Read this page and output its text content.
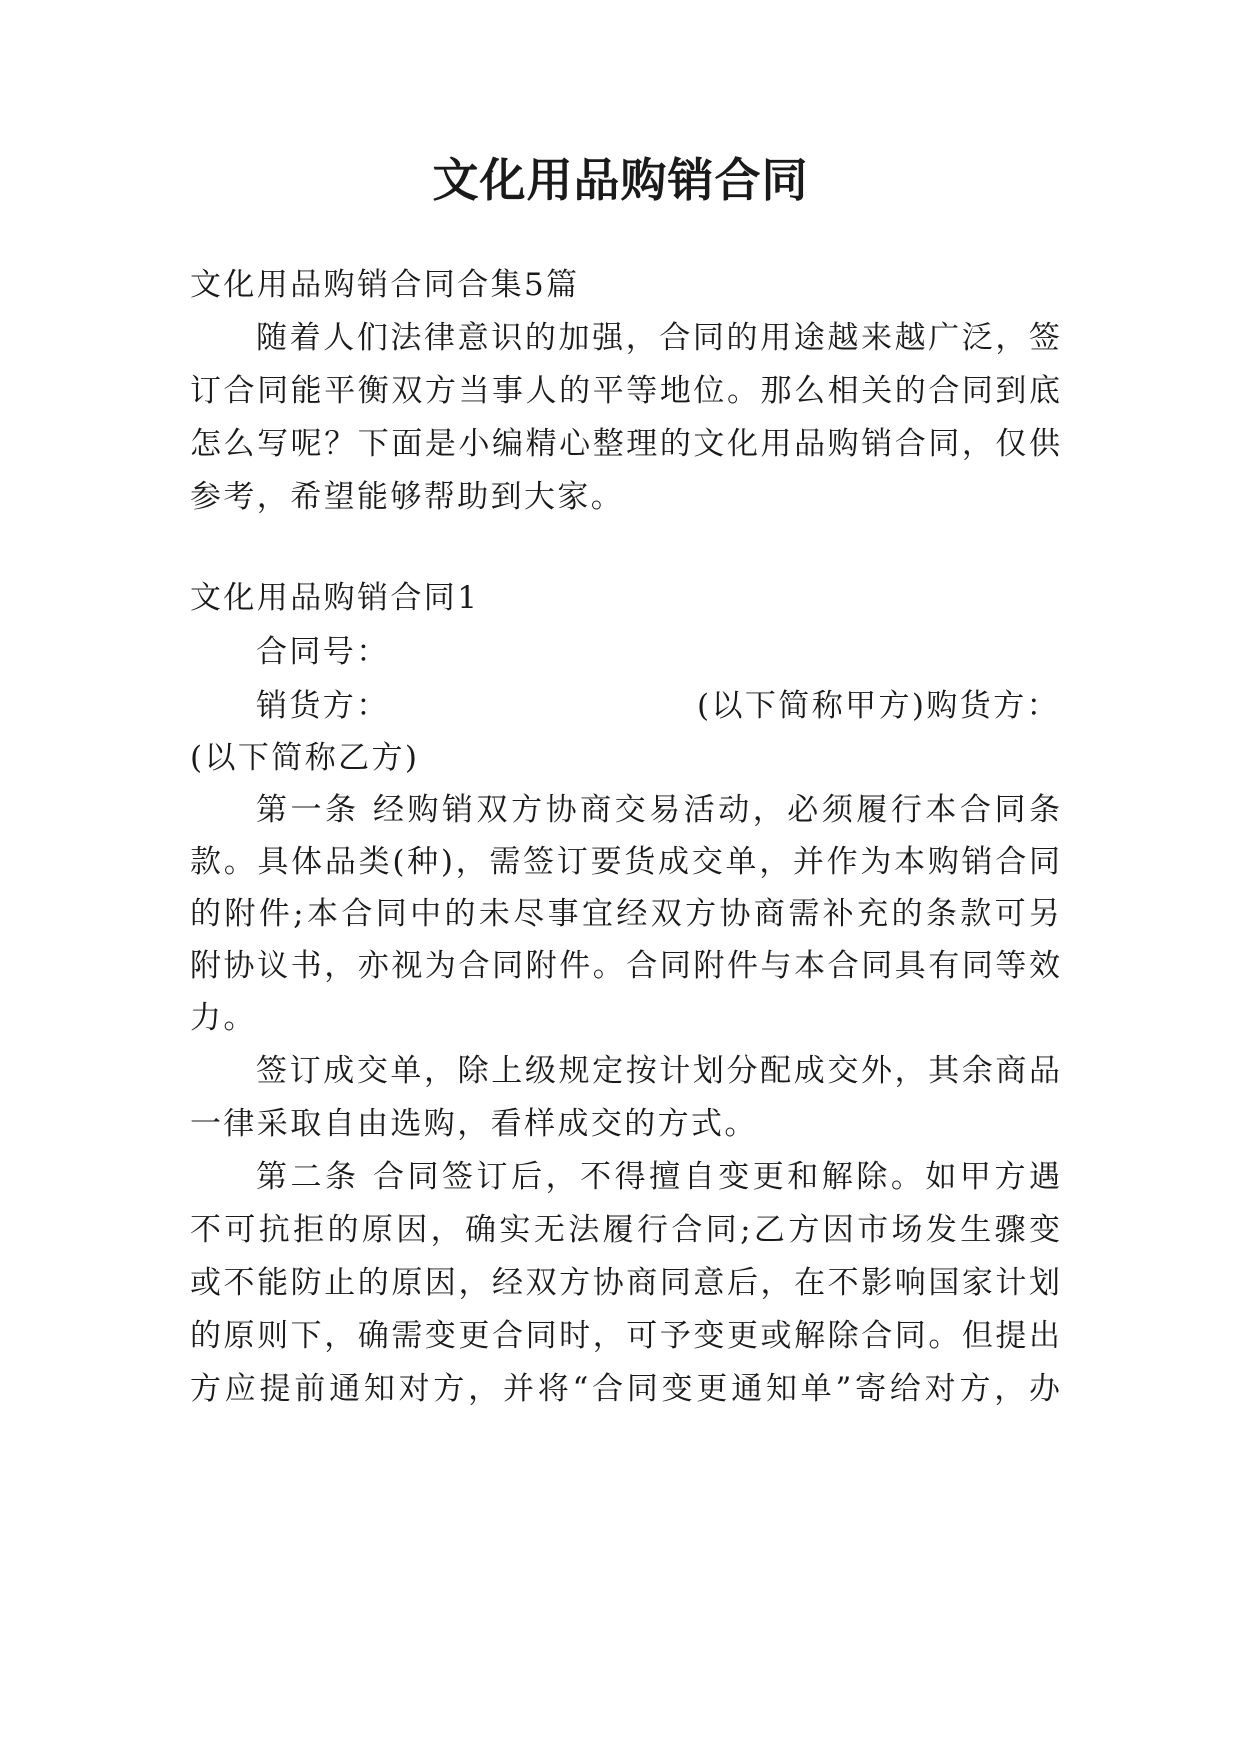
文化用品购销合同
文化用品购销合同合集5篇
随着人们法律意识的加强，合同的用途越来越广泛，签
订合同能平衡双方当事人的平等地位。那么相关的合同到底
怎么写呢？下面是小编精心整理的文化用品购销合同，仅供
参考，希望能够帮助到大家。
文化用品购销合同1
合同号：
销货方：	(以下简称甲方)购货方：
(以下简称乙方)
第一条 经购销双方协商交易活动，必须履行本合同条
款。具体品类(种)，需签订要货成交单，并作为本购销合同
的附件;本合同中的未尽事宜经双方协商需补充的条款可另
附协议书，亦视为合同附件。合同附件与本合同具有同等效
力。
签订成交单，除上级规定按计划分配成交外，其余商品
一律采取自由选购，看样成交的方式。
第二条 合同签订后，不得擅自变更和解除。如甲方遇
不可抗拒的原因，确实无法履行合同;乙方因市场发生骤变
或不能防止的原因，经双方协商同意后，在不影响国家计划
的原则下，确需变更合同时，可予变更或解除合同。但提出
方应提前通知对方，并将“合同变更通知单”寄给对方，办
